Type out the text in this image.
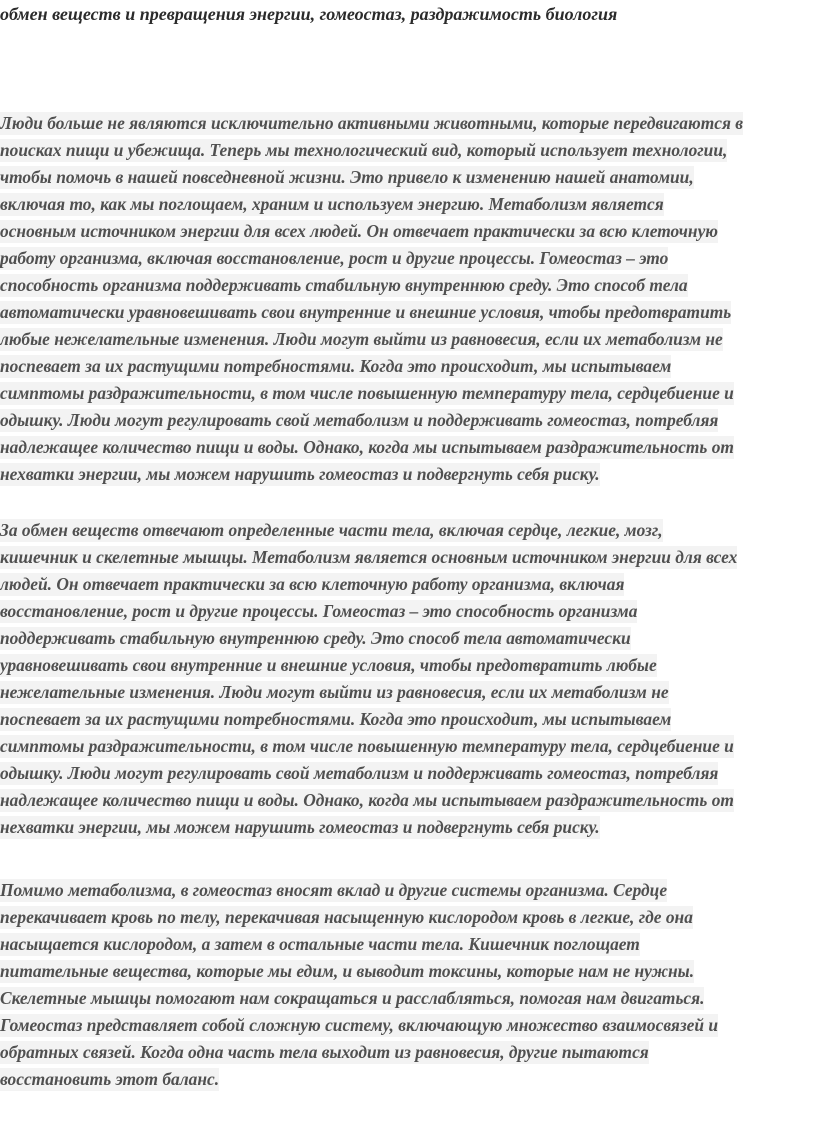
обмен веществ и превращения энергии, гомеостаз, раздражимость биология
Люди больше не являются исключительно активными животными, которые передвигаются в
поисках пищи и убежища. Теперь мы технологический вид, который использует технологии,
чтобы помочь в нашей повседневной жизни. Это привело к изменению нашей анатомии,
включая то, как мы поглощаем, храним и используем энергию. Метаболизм является
основным источником энергии для всех людей. Он отвечает практически за всю клеточную
работу организма, включая восстановление, рост и другие процессы. Гомеостаз – это
способность организма поддерживать стабильную внутреннюю среду. Это способ тела
автоматически уравновешивать свои внутренние и внешние условия, чтобы предотвратить
любые нежелательные изменения. Люди могут выйти из равновесия, если их метаболизм не
поспевает за их растущими потребностями. Когда это происходит, мы испытываем
симптомы раздражительности, в том числе повышенную температуру тела, сердцебиение и
одышку. Люди могут регулировать свой метаболизм и поддерживать гомеостаз, потребляя
надлежащее количество пищи и воды. Однако, когда мы испытываем раздражительность от
нехватки энергии, мы можем нарушить гомеостаз и подвергнуть себя риску.
За обмен веществ отвечают определенные части тела, включая сердце, легкие, мозг,
кишечник и скелетные мышцы. Метаболизм является основным источником энергии для всех
людей. Он отвечает практически за всю клеточную работу организма, включая
восстановление, рост и другие процессы. Гомеостаз – это способность организма
поддерживать стабильную внутреннюю среду. Это способ тела автоматически
уравновешивать свои внутренние и внешние условия, чтобы предотвратить любые
нежелательные изменения. Люди могут выйти из равновесия, если их метаболизм не
поспевает за их растущими потребностями. Когда это происходит, мы испытываем
симптомы раздражительности, в том числе повышенную температуру тела, сердцебиение и
одышку. Люди могут регулировать свой метаболизм и поддерживать гомеостаз, потребляя
надлежащее количество пищи и воды. Однако, когда мы испытываем раздражительность от
нехватки энергии, мы можем нарушить гомеостаз и подвергнуть себя риску.
Помимо метаболизма, в гомеостаз вносят вклад и другие системы организма. Сердце
перекачивает кровь по телу, перекачивая насыщенную кислородом кровь в легкие, где она
насыщается кислородом, а затем в остальные части тела. Кишечник поглощает
питательные вещества, которые мы едим, и выводит токсины, которые нам не нужны.
Скелетные мышцы помогают нам сокращаться и расслабляться, помогая нам двигаться.
Гомеостаз представляет собой сложную систему, включающую множество взаимосвязей и
обратных связей. Когда одна часть тела выходит из равновесия, другие пытаются
восстановить этот баланс.
